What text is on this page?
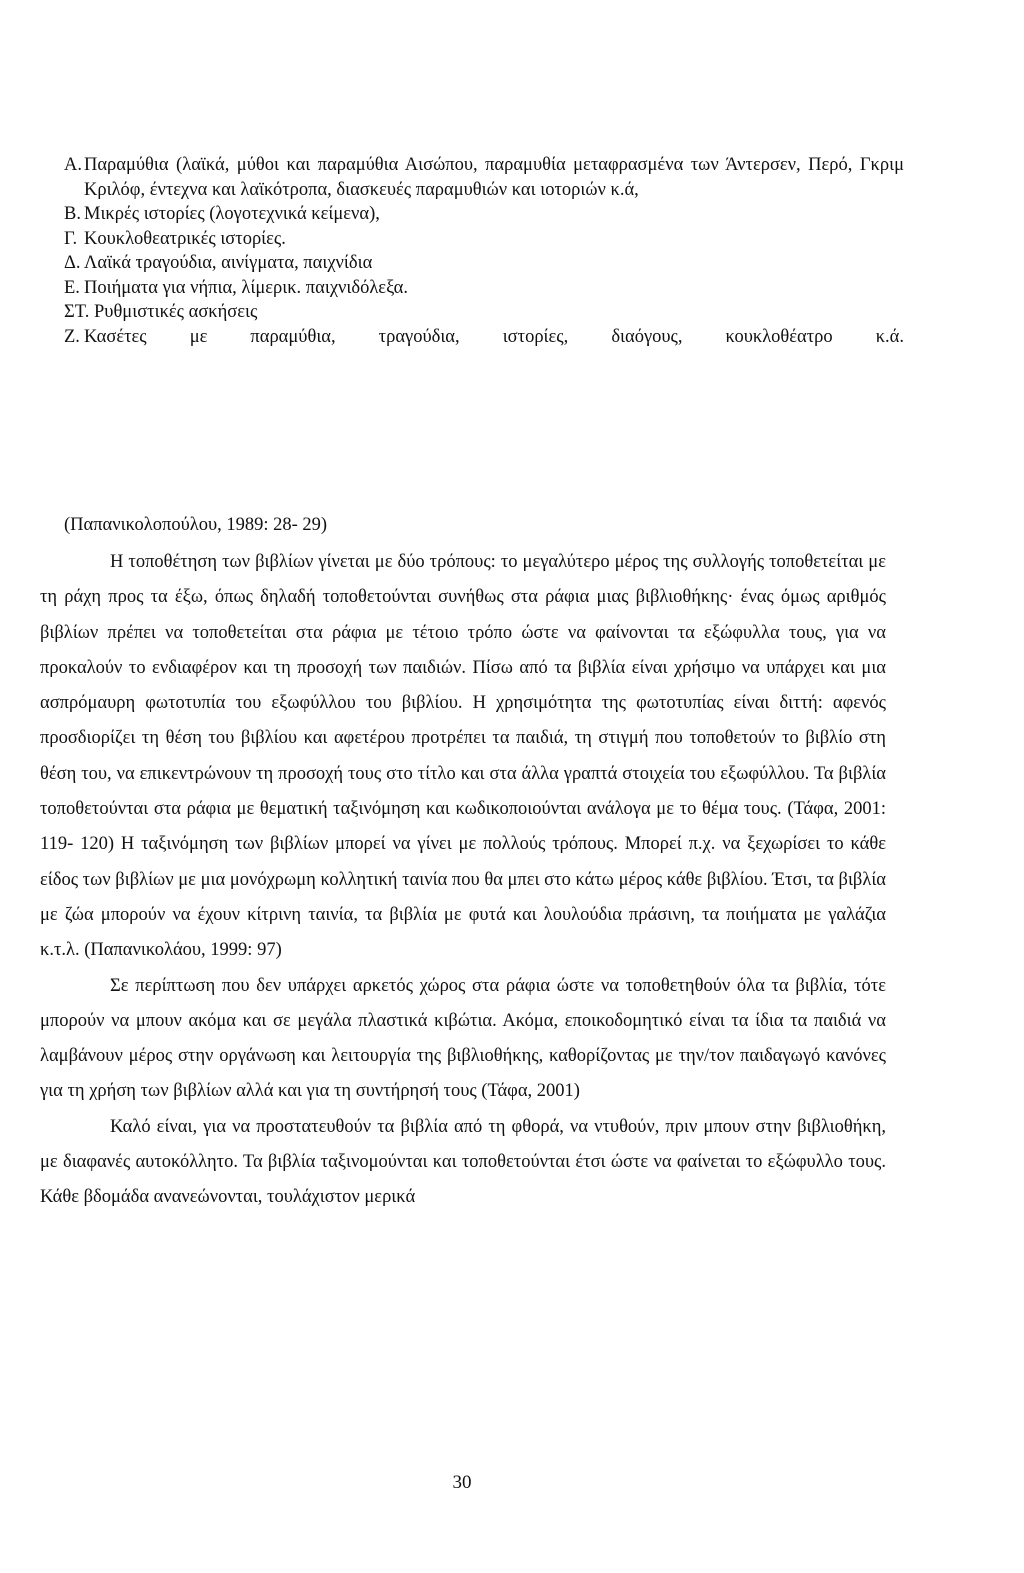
Α. Παραμύθια (λαϊκά, μύθοι και παραμύθια Αισώπου, παραμυθία μεταφρασμένα των Άντερσεν, Περό, Γκριμ Κριλόφ, έντεχνα και λαϊκότροπα, διασκευές παραμυθιών και ιοτοριών κ.ά,
Β. Μικρές ιστορίες (λογοτεχνικά κείμενα),
Γ. Κουκλοθεατρικές ιστορίες.
Δ. Λαϊκά τραγούδια, αινίγματα, παιχνίδια
Ε. Ποιήματα για νήπια, λίμερικ. παιχνιδόλεξα.
ΣΤ. Ρυθμιστικές ασκήσεις
Ζ. Κασέτες με παραμύθια, τραγούδια, ιστορίες, διαόγους, κουκλοθέατρο κ.ά.
(Παπανικολοπούλου, 1989: 28- 29)

Η τοποθέτηση των βιβλίων γίνεται με δύο τρόπους: το μεγαλύτερο μέρος της συλλογής τοποθετείται με τη ράχη προς τα έξω, όπως δηλαδή τοποθετούνται συνήθως στα ράφια μιας βιβλιοθήκης· ένας όμως αριθμός βιβλίων πρέπει να τοποθετείται στα ράφια με τέτοιο τρόπο ώστε να φαίνονται τα εξώφυλλα τους, για να προκαλούν το ενδιαφέρον και τη προσοχή των παιδιών. Πίσω από τα βιβλία είναι χρήσιμο να υπάρχει και μια ασπρόμαυρη φωτοτυπία του εξωφύλλου του βιβλίου. Η χρησιμότητα της φωτοτυπίας είναι διττή: αφενός προσδιορίζει τη θέση του βιβλίου και αφετέρου προτρέπει τα παιδιά, τη στιγμή που τοποθετούν το βιβλίο στη θέση του, να επικεντρώνουν τη προσοχή τους στο τίτλο και στα άλλα γραπτά στοιχεία του εξωφύλλου. Τα βιβλία τοποθετούνται στα ράφια με θεματική ταξινόμηση και κωδικοποιούνται ανάλογα με το θέμα τους. (Τάφα, 2001: 119- 120) Η ταξινόμηση των βιβλίων μπορεί να γίνει με πολλούς τρόπους. Μπορεί π.χ. να ξεχωρίσει το κάθε είδος των βιβλίων με μια μονόχρωμη κολλητική ταινία που θα μπει στο κάτω μέρος κάθε βιβλίου. Έτσι, τα βιβλία με ζώα μπορούν να έχουν κίτρινη ταινία, τα βιβλία με φυτά και λουλούδια πράσινη, τα ποιήματα με γαλάζια κ.τ.λ. (Παπανικολάου, 1999: 97)

Σε περίπτωση που δεν υπάρχει αρκετός χώρος στα ράφια ώστε να τοποθετηθούν όλα τα βιβλία, τότε μπορούν να μπουν ακόμα και σε μεγάλα πλαστικά κιβώτια. Ακόμα, εποικοδομητικό είναι τα ίδια τα παιδιά να λαμβάνουν μέρος στην οργάνωση και λειτουργία της βιβλιοθήκης, καθορίζοντας με την/τον παιδαγωγό κανόνες για τη χρήση των βιβλίων αλλά και για τη συντήρησή τους (Τάφα, 2001)

Καλό είναι, για να προστατευθούν τα βιβλία από τη φθορά, να ντυθούν, πριν μπουν στην βιβλιοθήκη, με διαφανές αυτοκόλλητο. Τα βιβλία ταξινομούνται και τοποθετούνται έτσι ώστε να φαίνεται το εξώφυλλο τους. Κάθε βδομάδα ανανεώνονται, τουλάχιστον μερικά

30
